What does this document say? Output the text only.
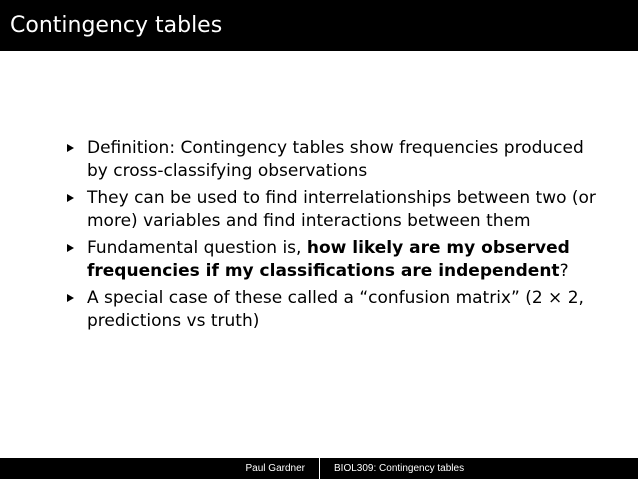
Contingency tables
Definition: Contingency tables show frequencies produced by cross-classifying observations
They can be used to find interrelationships between two (or more) variables and find interactions between them
Fundamental question is, how likely are my observed frequencies if my classifications are independent?
A special case of these called a “confusion matrix” (2 × 2, predictions vs truth)
Paul Gardner	BIOL309: Contingency tables
